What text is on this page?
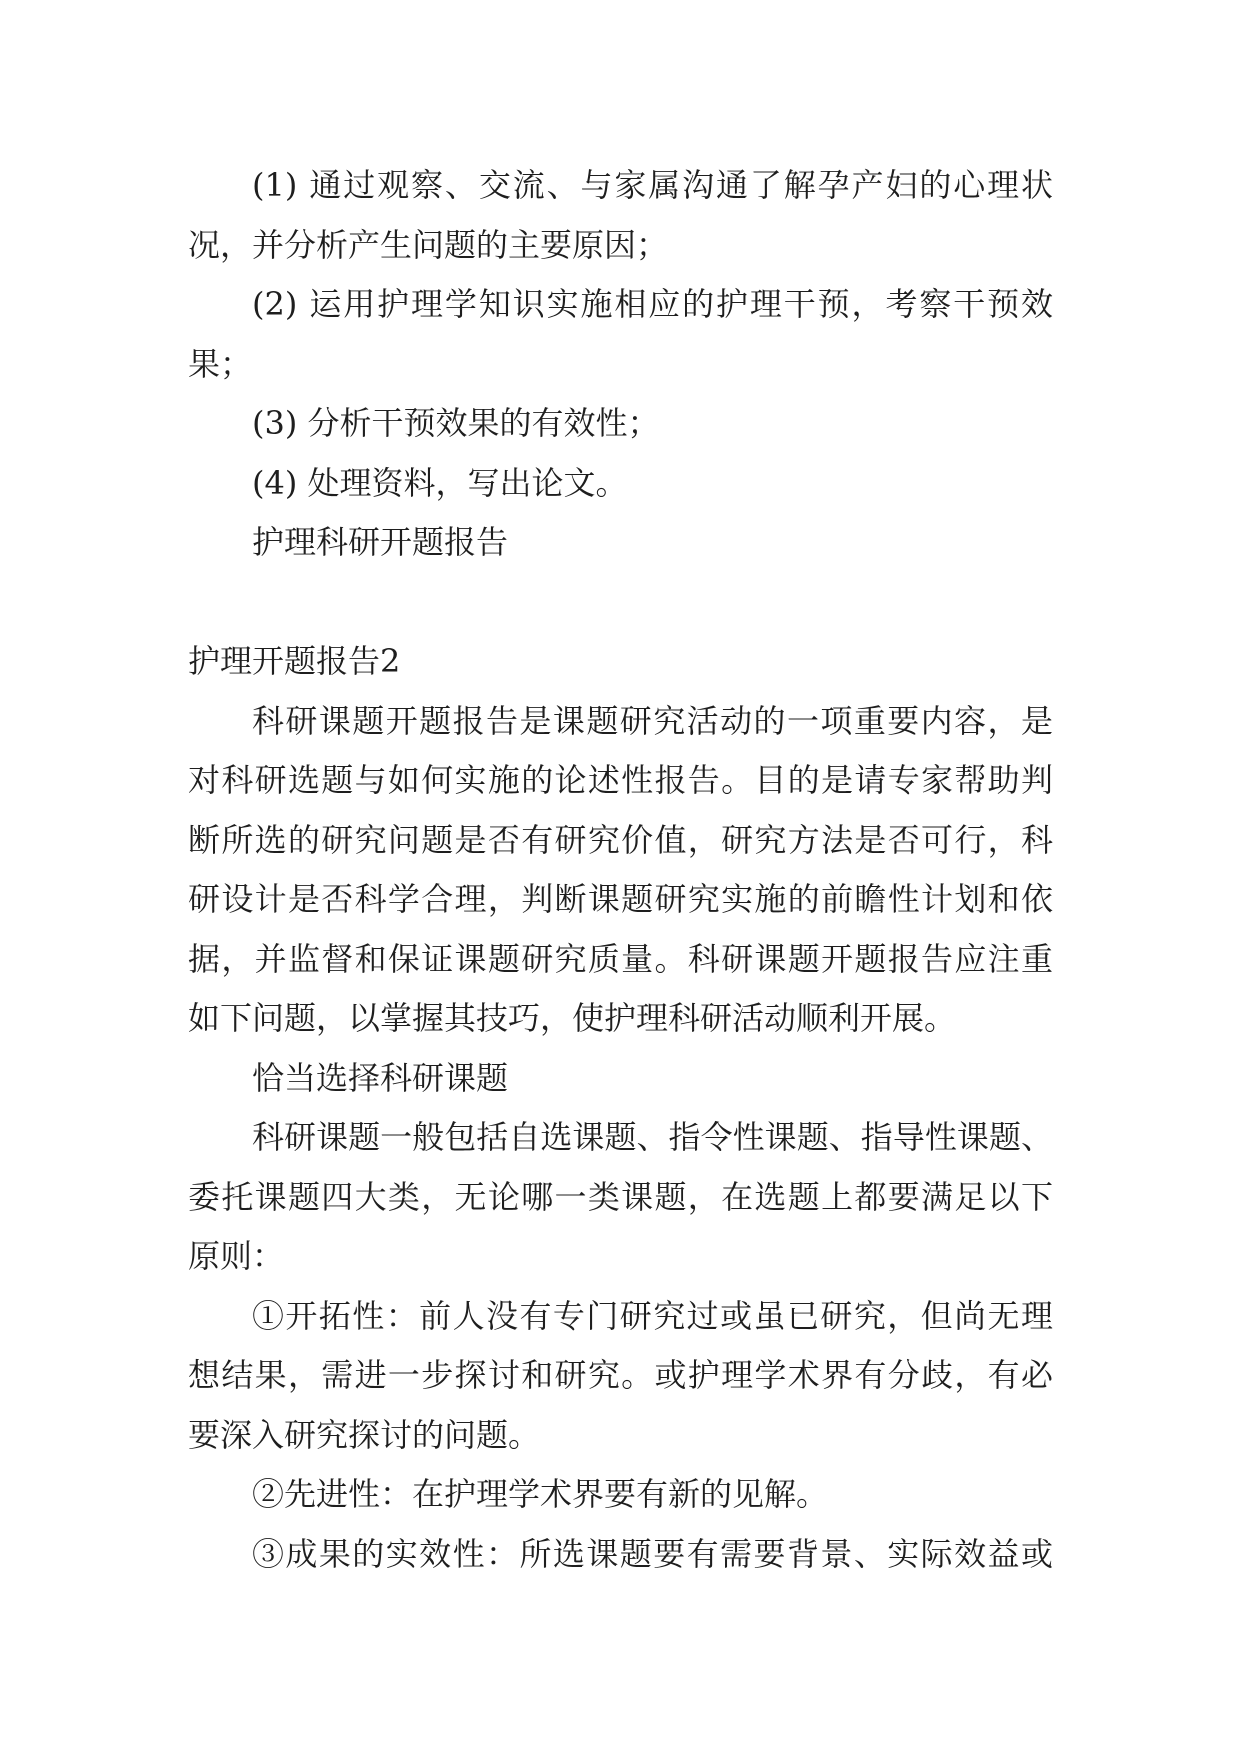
(1) 通过观察、交流、与家属沟通了解孕产妇的心理状
况，并分析产生问题的主要原因；
(2) 运用护理学知识实施相应的护理干预，考察干预效
果；
(3) 分析干预效果的有效性；
(4) 处理资料，写出论文。
护理科研开题报告
护理开题报告2
科研课题开题报告是课题研究活动的一项重要内容，是
对科研选题与如何实施的论述性报告。目的是请专家帮助判
断所选的研究问题是否有研究价值，研究方法是否可行，科
研设计是否科学合理，判断课题研究实施的前瞻性计划和依
据，并监督和保证课题研究质量。科研课题开题报告应注重
如下问题，以掌握其技巧，使护理科研活动顺利开展。
恰当选择科研课题
科研课题一般包括自选课题、指令性课题、指导性课题、
委托课题四大类，无论哪一类课题，在选题上都要满足以下
原则：
①开拓性：前人没有专门研究过或虽已研究，但尚无理
想结果，需进一步探讨和研究。或护理学术界有分歧，有必
要深入研究探讨的问题。
②先进性：在护理学术界要有新的见解。
③成果的实效性：所选课题要有需要背景、实际效益或
